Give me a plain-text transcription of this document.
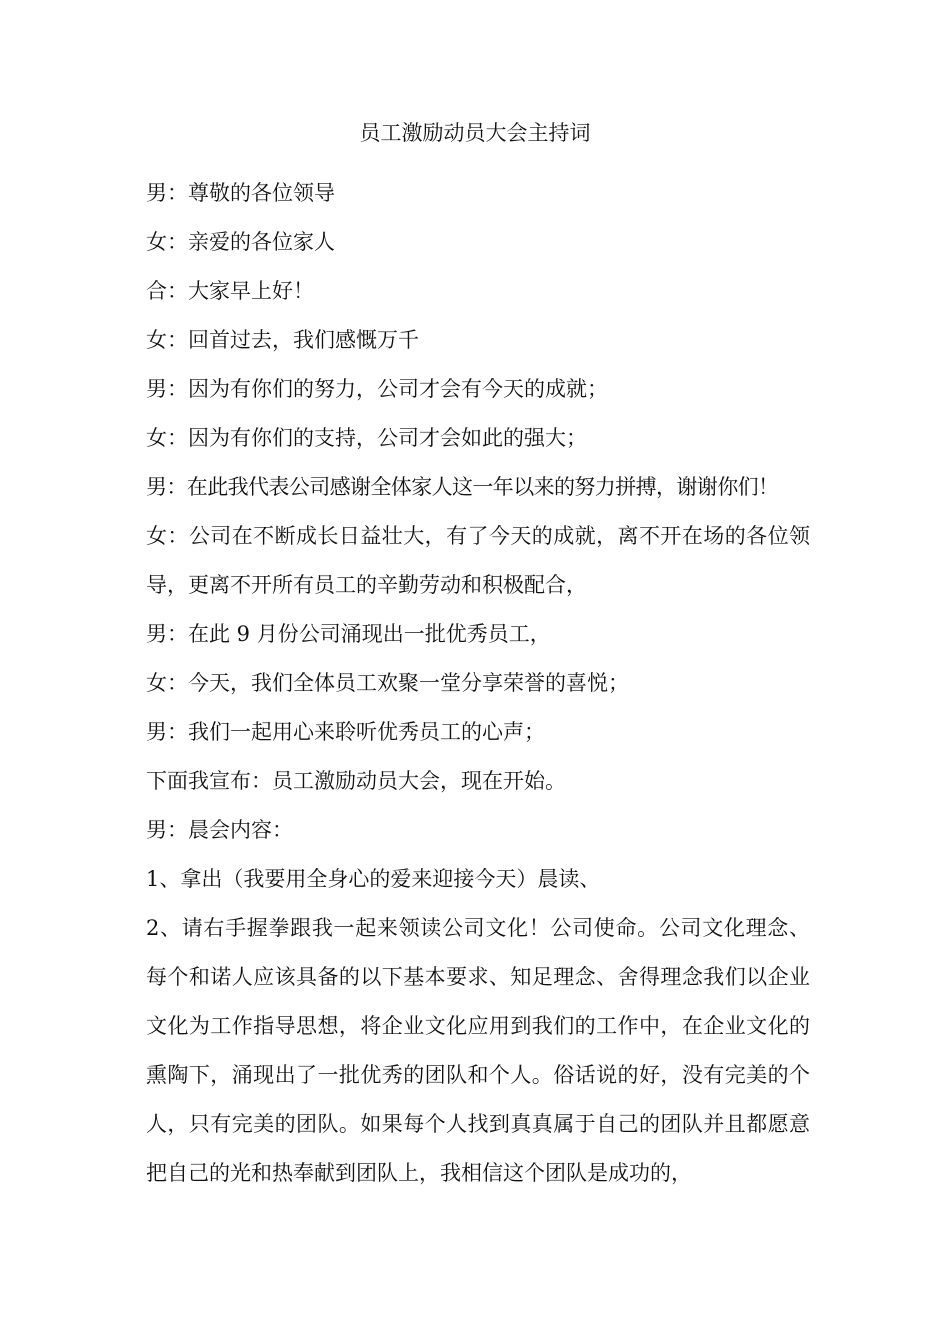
员工激励动员大会主持词
男：尊敬的各位领导
女：亲爱的各位家人
合：大家早上好！
女：回首过去，我们感慨万千
男：因为有你们的努力，公司才会有今天的成就；
女：因为有你们的支持，公司才会如此的强大；
男：在此我代表公司感谢全体家人这一年以来的努力拼搏，谢谢你们！
女：公司在不断成长日益壮大，有了今天的成就，离不开在场的各位领导，更离不开所有员工的辛勤劳动和积极配合，
男：在此 9 月份公司涌现出一批优秀员工，
女：今天，我们全体员工欢聚一堂分享荣誉的喜悦；
男：我们一起用心来聆听优秀员工的心声；
下面我宣布：员工激励动员大会，现在开始。
男：晨会内容：
1、拿出（我要用全身心的爱来迎接今天）晨读、
2、请右手握拳跟我一起来领读公司文化！公司使命。公司文化理念、每个和诺人应该具备的以下基本要求、知足理念、舍得理念我们以企业文化为工作指导思想，将企业文化应用到我们的工作中，在企业文化的熏陶下，涌现出了一批优秀的团队和个人。俗话说的好，没有完美的个人，只有完美的团队。如果每个人找到真真属于自己的团队并且都愿意把自己的光和热奉献到团队上，我相信这个团队是成功的，
